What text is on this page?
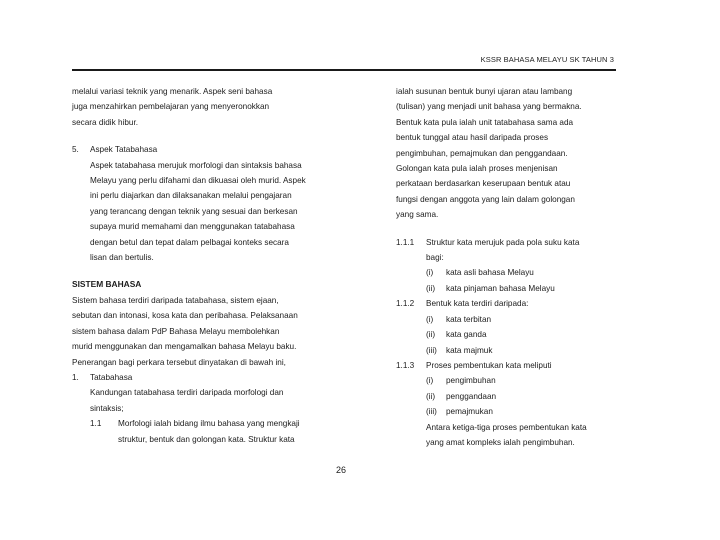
KSSR BAHASA MELAYU SK TAHUN 3

melalui variasi teknik yang menarik. Aspek seni bahasa

juga menzahirkan pembelajaran yang menyeronokkan

secara didik hibur.

5.	Aspek Tatabahasa

Aspek tatabahasa merujuk morfologi dan sintaksis bahasa

Melayu yang perlu difahami dan dikuasai oleh murid. Aspek

ini perlu diajarkan dan dilaksanakan melalui pengajaran

yang terancang dengan teknik yang sesuai dan berkesan

supaya murid memahami dan menggunakan tatabahasa

dengan betul dan tepat dalam pelbagai konteks secara

lisan dan bertulis.

SISTEM BAHASA

Sistem bahasa terdiri daripada tatabahasa, sistem ejaan,

sebutan dan intonasi, kosa kata dan peribahasa. Pelaksanaan

sistem bahasa dalam PdP Bahasa Melayu membolehkan

murid menggunakan dan mengamalkan bahasa Melayu baku.

Penerangan bagi perkara tersebut dinyatakan di bawah ini,

1.	Tatabahasa

Kandungan tatabahasa terdiri daripada morfologi dan

sintaksis;

1.1	Morfologi ialah bidang ilmu bahasa yang mengkaji

struktur, bentuk dan golongan kata. Struktur kata

ialah susunan bentuk bunyi ujaran atau lambang

(tulisan) yang menjadi unit bahasa yang bermakna.

Bentuk kata pula ialah unit tatabahasa sama ada

bentuk tunggal atau hasil daripada proses

pengimbuhan, pemajmukan dan penggandaan.

Golongan kata pula ialah proses menjenisan

perkataan berdasarkan keserupaan bentuk atau

fungsi dengan anggota yang lain dalam golongan

yang sama.

1.1.1	Struktur kata merujuk pada pola suku kata

bagi:

(i)	kata asli bahasa Melayu
(ii)	kata pinjaman bahasa Melayu
1.1.2	Bentuk kata terdiri daripada:

(i)	kata terbitan
(ii)	kata ganda
(iii)	kata majmuk
1.1.3	Proses pembentukan kata meliputi

(i)	pengimbuhan
(ii)	penggandaan
(iii)	pemajmukan

Antara ketiga-tiga proses pembentukan kata

yang amat kompleks ialah pengimbuhan.

26
